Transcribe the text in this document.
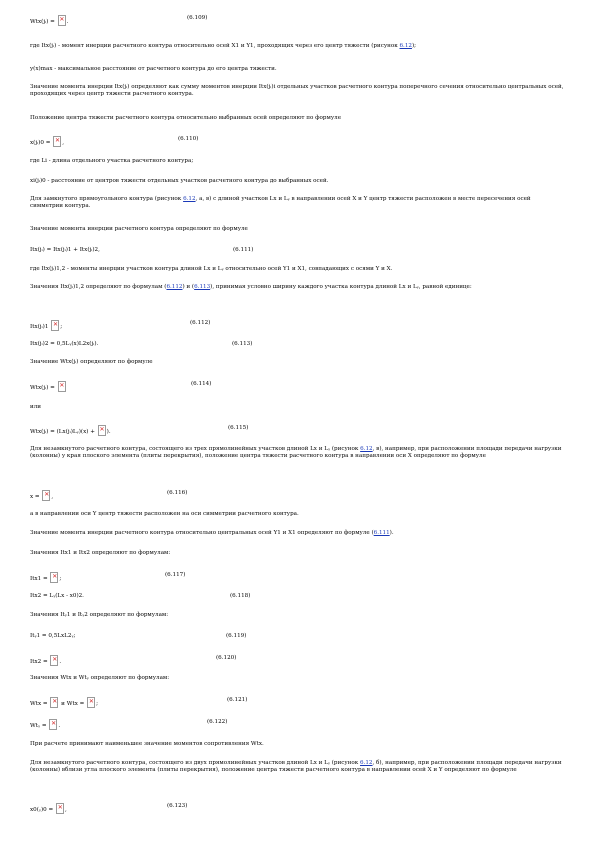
Wtx(jᵢ) = ✕.
(6.109)
где Itx(jᵢ) - момент инерции расчетного контура относительно осей X1 и Y1, проходящих через его центр тяжести (рисунок 6.12);
y(x)max - максимальное расстояние от расчетного контура до его центра тяжести.
Значение момента инерции Itx(jᵢ) определяют как сумму моментов инерции Itx(jᵢ)i отдельных участков расчетного контура поперечного сечения относительно центральных осей, проходящих через центр тяжести расчетного контура.
Положение центра тяжести расчетного контура относительно выбранных осей определяют по формуле
x(jᵢ)0 = ✕,
(6.110)
где Li - длина отдельного участка расчетного контура;
xi(jᵢ)0 - расстояние от центров тяжести отдельных участков расчетного контура до выбранных осей.
Для замкнутого прямоугольного контура (рисунок 6.12, а, в) с длиной участков Lx и Lᵧ в направлении осей X и Y центр тяжести расположен в месте пересечения осей симметрии контура.
Значение момента инерции расчетного контура определяют по формуле
Itx(jᵢ) = Itx(jᵢ)1 + Itx(jᵢ)2,	(6.111)
где Itx(jᵢ)1,2 - моменты инерции участков контура длиной Lx и Lᵧ относительно осей Y1 и X1, совпадающих с осями Y и X.
Значения Itx(jᵢ)1,2 определяют по формулам (6.112) и (6.113), принимая условно ширину каждого участка контура длиной Lx и Lᵧ, равной единице:
Itx(jᵢ)1 ✕;
(6.112)
Itx(jᵢ)2 = 0,5Lᵧ(x)L2x(jᵢ).	(6.113)
Значение Wtx(jᵢ) определяют по формуле
Wtx(jᵢ) = ✕
(6.114)
или
Wtx(jᵢ) = (Lx(jᵢ)Lᵧ)(x) + ✕).
(6.115)
Для незамкнутого расчетного контура, состоящего из трех прямолинейных участков длиной Lx и Lᵧ (рисунок 6.12, в), например, при расположении площади передачи нагрузки (колонны) у края плоского элемента (плиты перекрытия), положение центра тяжести расчетного контура в направлении оси X определяют по формуле
x = ✕,
(6.116)
а в направлении оси Y центр тяжести расположен на оси симметрии расчетного контура.
Значение момента инерции расчетного контура относительно центральных осей Y1 и X1 определяют по формуле (6.111).
Значения Itx1 и Itx2 определяют по формулам:
Itx1 = ✕;
(6.117)
Itx2 = Lᵧ(Lx - x0)2.	(6.118)
Значения Itᵧ1 и Itᵧ2 определяют по формулам:
Itᵧ1 = 0,5LxL2ᵧ;	(6.119)
Itx2 = ✕.
(6.120)
Значения Wtx и Wtᵧ определяют по формулам:
Wtx = ✕ и Wtx = ✕;
(6.121)
Wtᵧ = ✕.
(6.122)
При расчете принимают наименьшее значение моментов сопротивления Wtx.
Для незамкнутого расчетного контура, состоящего из двух прямолинейных участков длиной Lx и Lᵧ (рисунок 6.12, б), например, при расположении площади передачи нагрузки (колонны) вблизи угла плоского элемента (плиты перекрытия), положение центра тяжести расчетного контура в направлении осей X и Y определяют по формуле
x0(ᵧ)0 = ✕,
(6.123)
